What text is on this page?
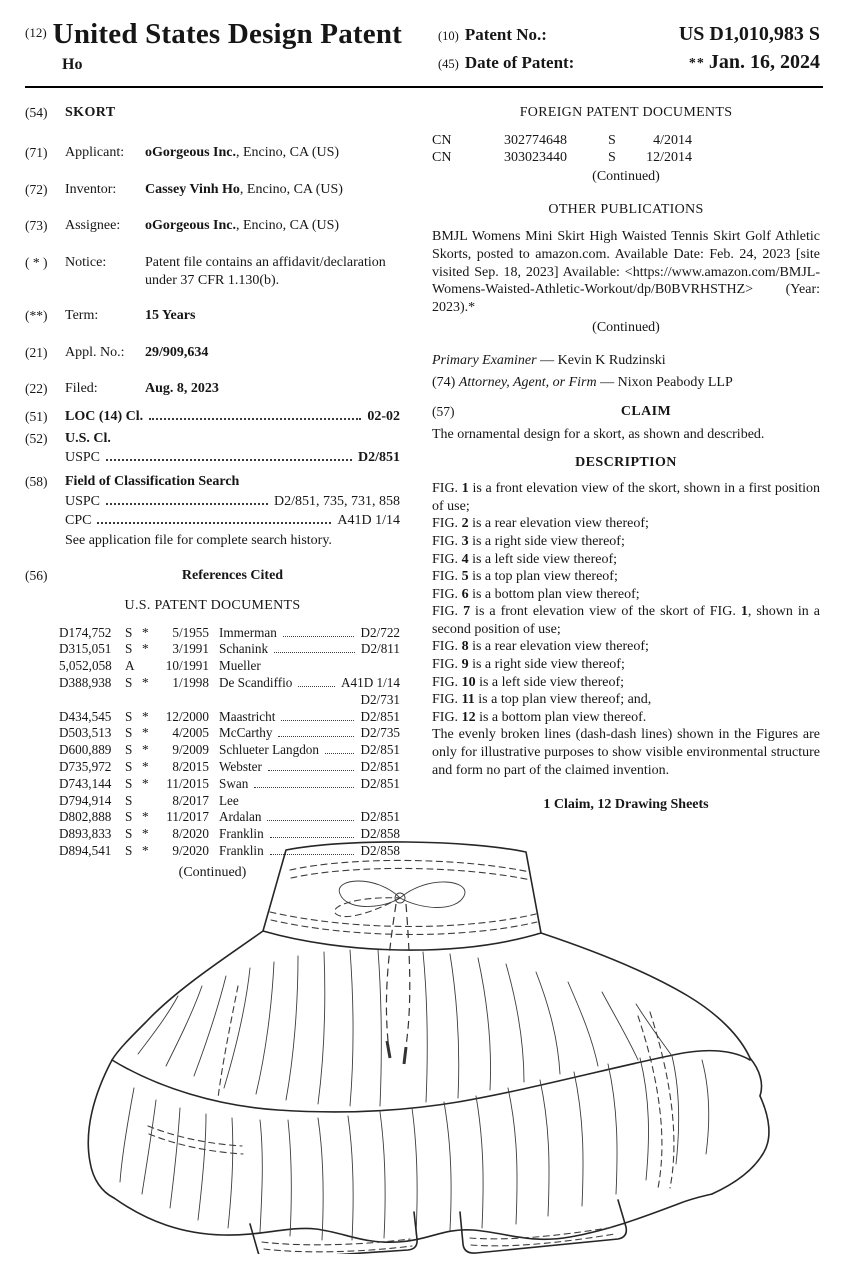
(12) United States Design Patent
Ho
(10) Patent No.:	US D1,010,983 S
(45) Date of Patent:	** Jan. 16, 2024
(54)	SKORT
(71)	Applicant:	oGorgeous Inc., Encino, CA (US)
(72)	Inventor:	Cassey Vinh Ho, Encino, CA (US)
(73)	Assignee:	oGorgeous Inc., Encino, CA (US)
( * )	Notice:	Patent file contains an affidavit/declaration under 37 CFR 1.130(b).
(**)	Term:	15 Years
(21)	Appl. No.:	29/909,634
(22)	Filed:	Aug. 8, 2023
(51)	LOC (14) Cl.	02-02
(52)	U.S. Cl.
USPC	D2/851
(58)	Field of Classification Search
USPC	D2/851, 735, 731, 858
CPC	A41D 1/14
See application file for complete search history.
(56)	References Cited
U.S. PATENT DOCUMENTS
D174,752	S *	5/1955 Immerman	D2/722
D315,051	S *	3/1991 Schanink	D2/811
5,052,058	A	10/1991 Mueller
D388,938	S *	1/1998 De Scandiffio	A41D 1/14
D2/731
D434,545	S *	12/2000 Maastricht	D2/851
D503,513	S *	4/2005 McCarthy	D2/735
D600,889	S *	9/2009 Schlueter Langdon	D2/851
D735,972	S *	8/2015 Webster	D2/851
D743,144	S *	11/2015 Swan	D2/851
D794,914	S	8/2017 Lee
D802,888	S *	11/2017 Ardalan	D2/851
D893,833	S *	8/2020 Franklin	D2/858
D894,541	S *	9/2020 Franklin	D2/858
(Continued)
FOREIGN PATENT DOCUMENTS
CN	302774648	S	4/2014
CN	303023440	S	12/2014
(Continued)
OTHER PUBLICATIONS

BMJL Womens Mini Skirt High Waisted Tennis Skirt Golf Athletic Skorts, posted to amazon.com. Available Date: Feb. 24, 2023 [site visited Sep. 18, 2023] Available: <https://www.amazon.com/BMJL-Womens-Waisted-Athletic-Workout/dp/B0BVRHSTHZ> (Year: 2023).*

(Continued)
Primary Examiner — Kevin K Rudzinski
(74) Attorney, Agent, or Firm — Nixon Peabody LLP
(57)	CLAIM

The ornamental design for a skort, as shown and described.

DESCRIPTION

FIG. 1 is a front elevation view of the skort, shown in a first position of use;

FIG. 2 is a rear elevation view thereof;

FIG. 3 is a right side view thereof;

FIG. 4 is a left side view thereof;

FIG. 5 is a top plan view thereof;

FIG. 6 is a bottom plan view thereof;

FIG. 7 is a front elevation view of the skort of FIG. 1, shown in a second position of use;

FIG. 8 is a rear elevation view thereof;

FIG. 9 is a right side view thereof;

FIG. 10 is a left side view thereof;

FIG. 11 is a top plan view thereof; and,

FIG. 12 is a bottom plan view thereof.

The evenly broken lines (dash-dash lines) shown in the Figures are only for illustrative purposes to show visible environmental structure and form no part of the claimed invention.

1 Claim, 12 Drawing Sheets
